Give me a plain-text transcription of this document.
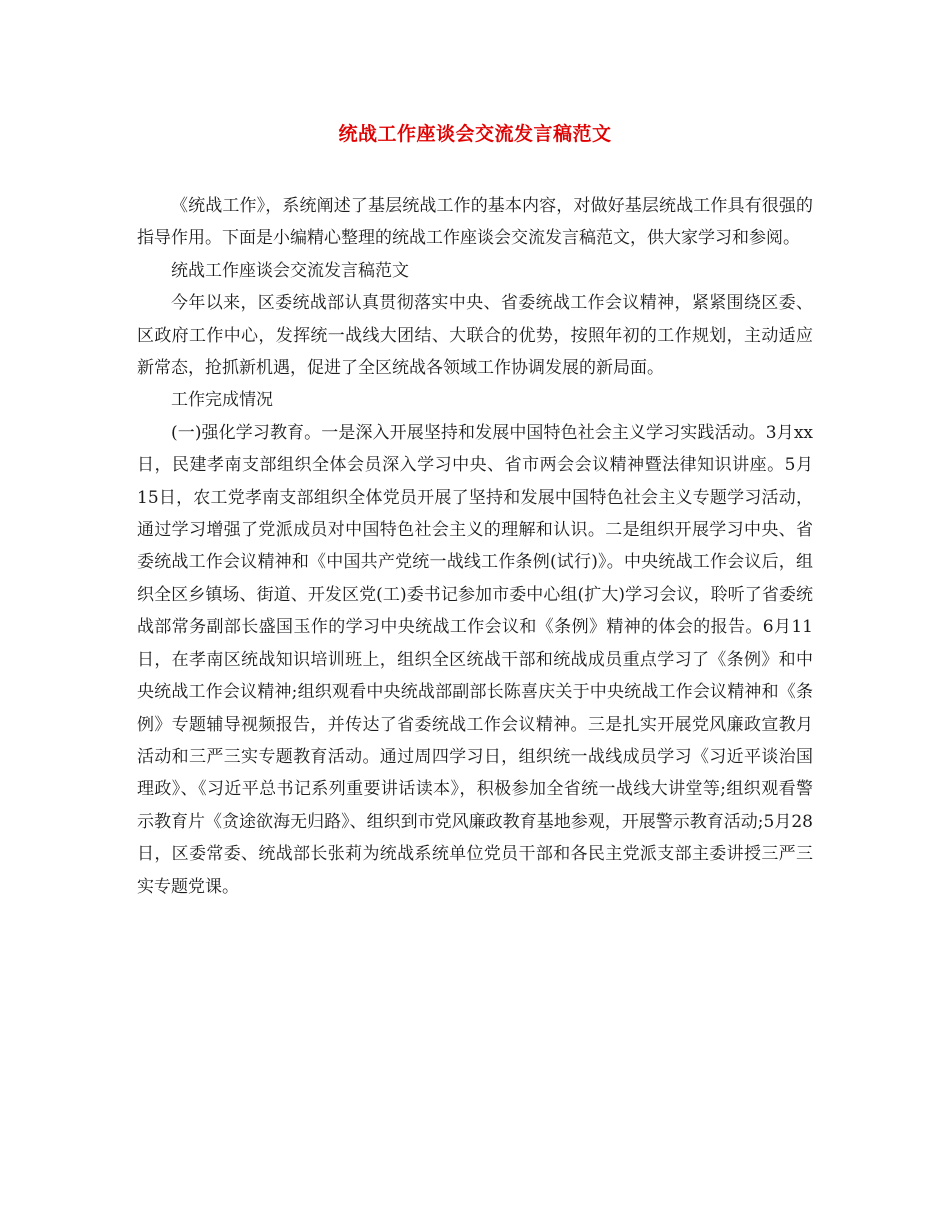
统战工作座谈会交流发言稿范文

《统战工作》，系统阐述了基层统战工作的基本内容，对做好基层统战工作具有很强的指导作用。下面是小编精心整理的统战工作座谈会交流发言稿范文，供大家学习和参阅。

统战工作座谈会交流发言稿范文

今年以来，区委统战部认真贯彻落实中央、省委统战工作会议精神，紧紧围绕区委、区政府工作中心，发挥统一战线大团结、大联合的优势，按照年初的工作规划，主动适应新常态，抢抓新机遇，促进了全区统战各领域工作协调发展的新局面。

工作完成情况

(一)强化学习教育。一是深入开展坚持和发展中国特色社会主义学习实践活动。3月xx日，民建孝南支部组织全体会员深入学习中央、省市两会会议精神暨法律知识讲座。5月15日，农工党孝南支部组织全体党员开展了坚持和发展中国特色社会主义专题学习活动，通过学习增强了党派成员对中国特色社会主义的理解和认识。二是组织开展学习中央、省委统战工作会议精神和《中国共产党统一战线工作条例(试行)》。中央统战工作会议后，组织全区乡镇场、街道、开发区党(工)委书记参加市委中心组(扩大)学习会议，聆听了省委统战部常务副部长盛国玉作的学习中央统战工作会议和《条例》精神的体会的报告。6月11日，在孝南区统战知识培训班上，组织全区统战干部和统战成员重点学习了《条例》和中央统战工作会议精神;组织观看中央统战部副部长陈喜庆关于中央统战工作会议精神和《条例》专题辅导视频报告，并传达了省委统战工作会议精神。三是扎实开展党风廉政宣教月活动和三严三实专题教育活动。通过周四学习日，组织统一战线成员学习《习近平谈治国理政》、《习近平总书记系列重要讲话读本》，积极参加全省统一战线大讲堂等;组织观看警示教育片《贪途欲海无归路》、组织到市党风廉政教育基地参观，开展警示教育活动;5月28日，区委常委、统战部长张莉为统战系统单位党员干部和各民主党派支部主委讲授三严三实专题党课。
